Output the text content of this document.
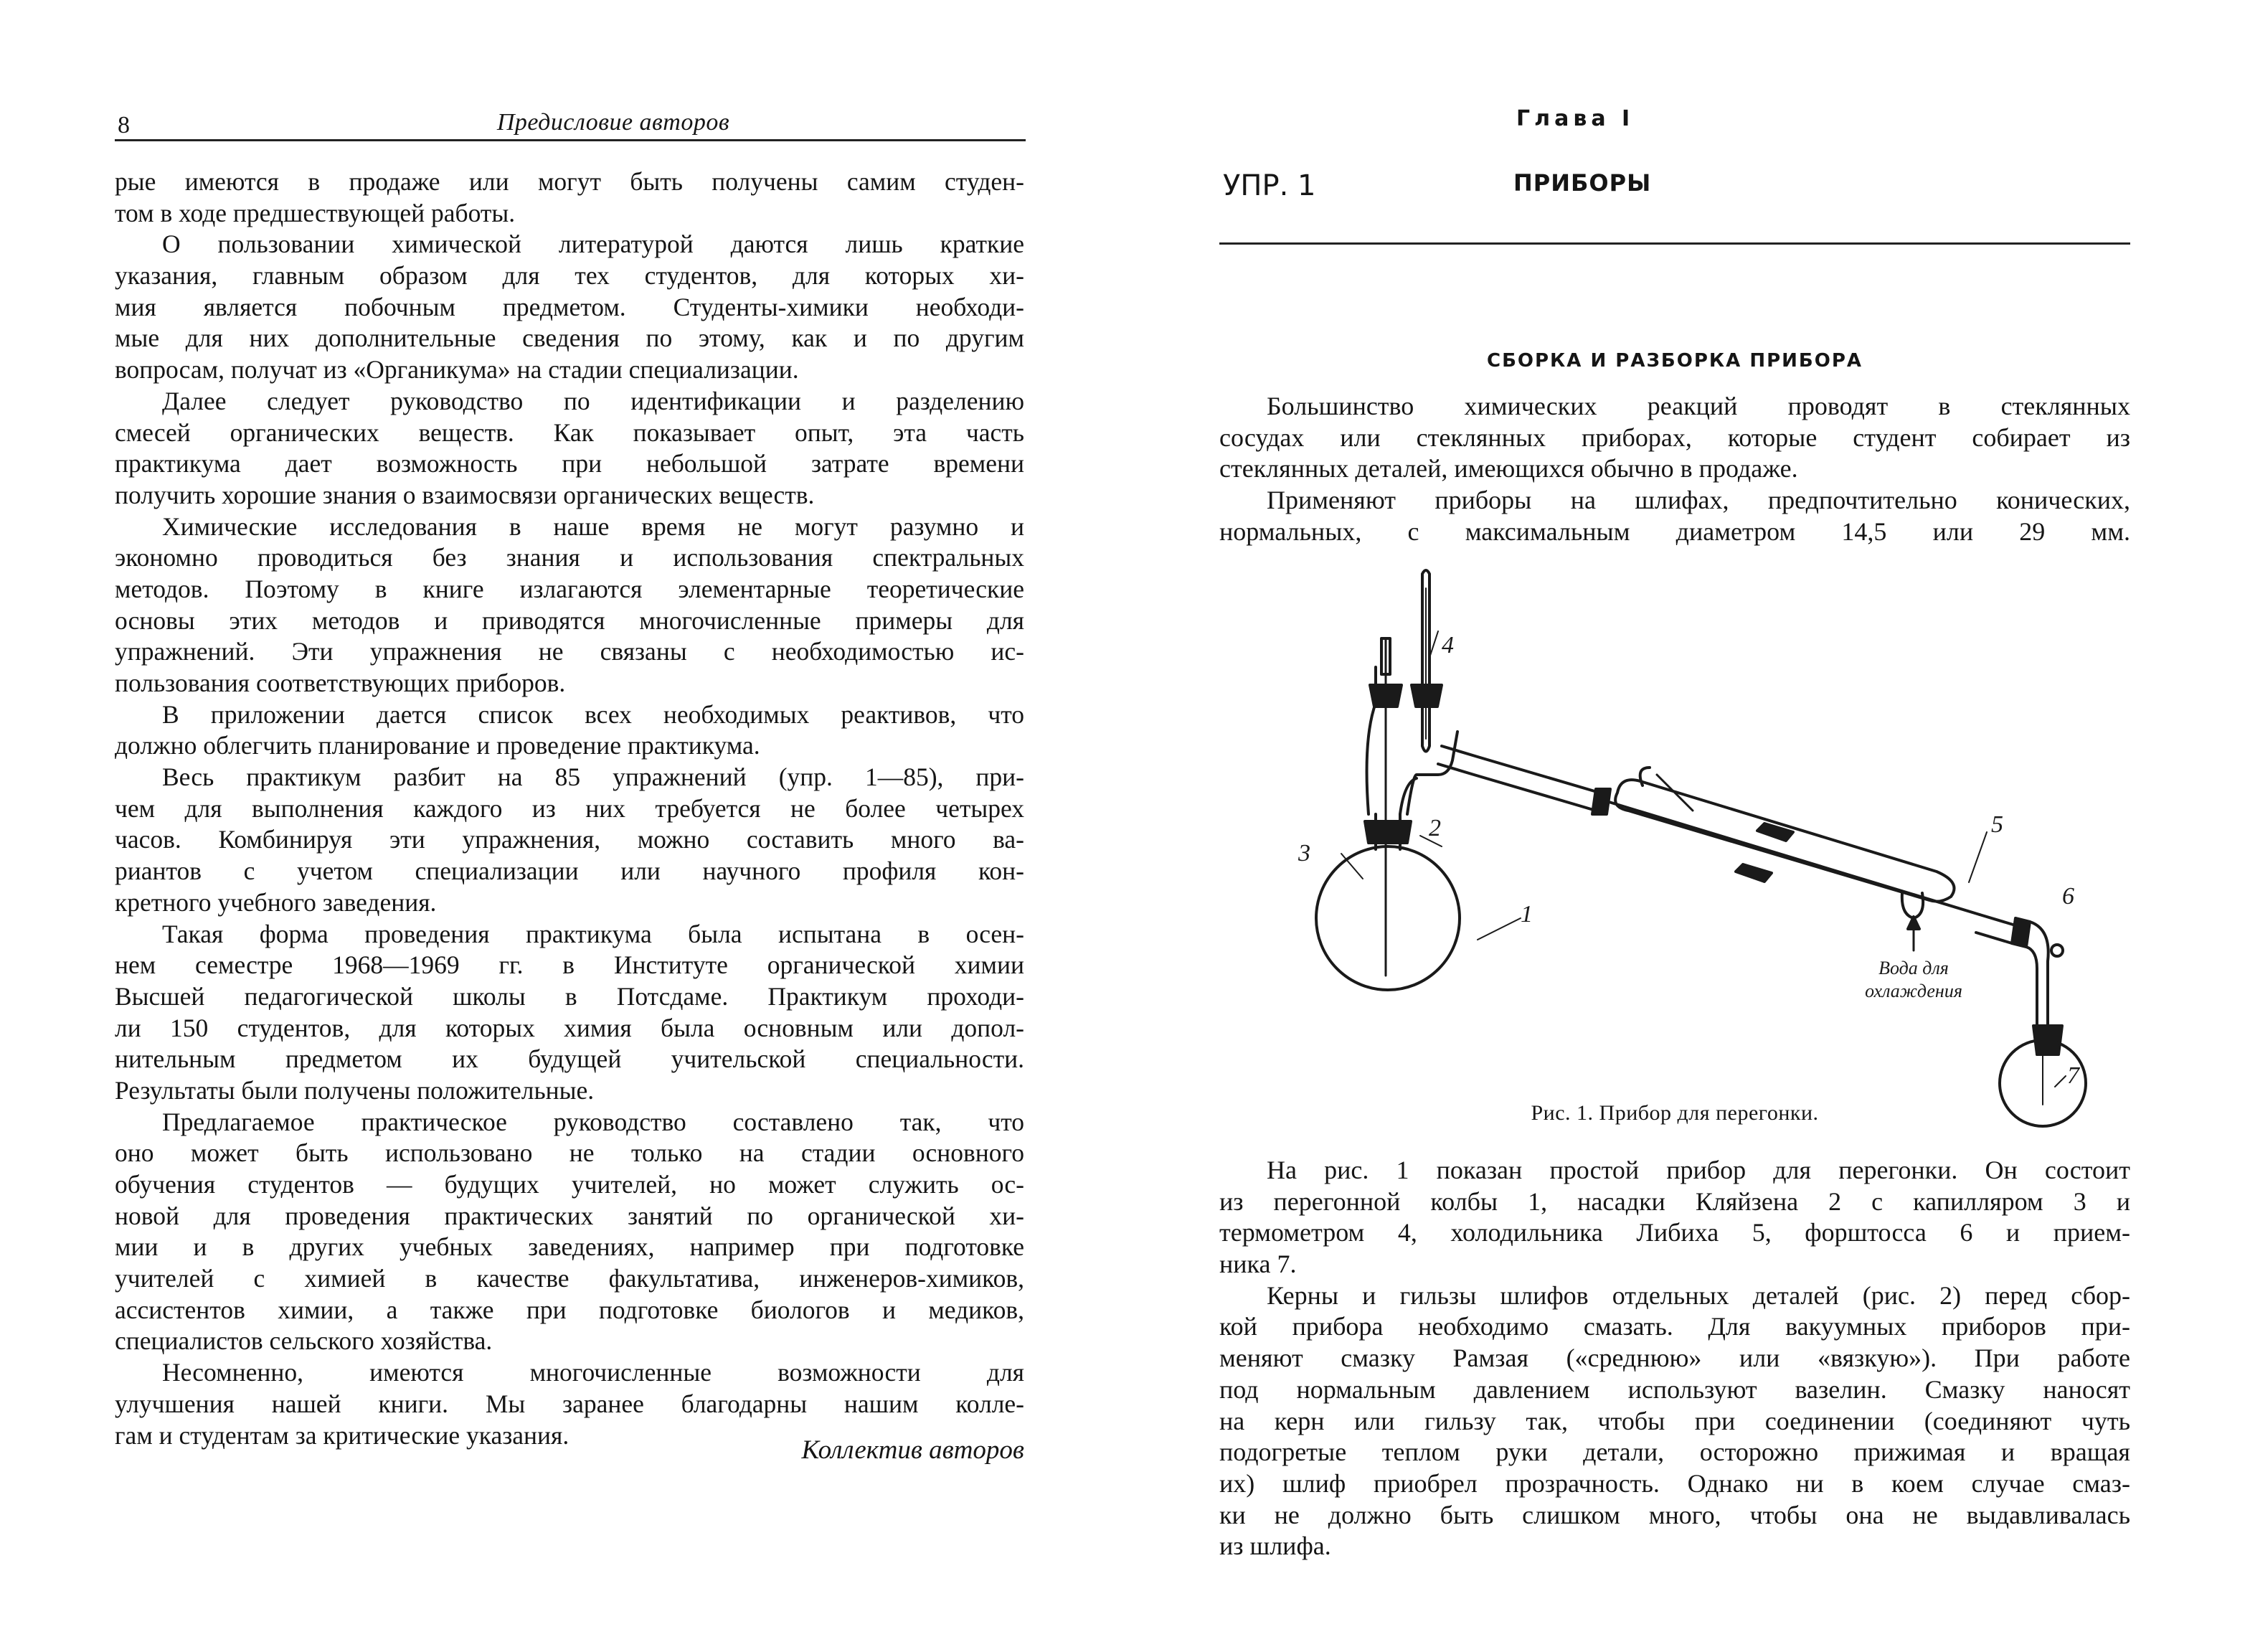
8	Предисловие авторов
рые имеются в продаже или могут быть получены самим студен-
том в ходе предшествующей работы.
О пользовании химической литературой даются лишь краткие
указания, главным образом для тех студентов, для которых хи-
мия является побочным предметом. Студенты-химики необходи-
мые для них дополнительные сведения по этому, как и по другим
вопросам, получат из «Органикума» на стадии специализации.
Далее следует руководство по идентификации и разделению
смесей органических веществ. Как показывает опыт, эта часть
практикума дает возможность при небольшой затрате времени
получить хорошие знания о взаимосвязи органических веществ.
Химические исследования в наше время не могут разумно и
экономно проводиться без знания и использования спектральных
методов. Поэтому в книге излагаются элементарные теоретические
основы этих методов и приводятся многочисленные примеры для
упражнений. Эти упражнения не связаны с необходимостью ис-
пользования соответствующих приборов.
В приложении дается список всех необходимых реактивов, что
должно облегчить планирование и проведение практикума.
Весь практикум разбит на 85 упражнений (упр. 1—85), при-
чем для выполнения каждого из них требуется не более четырех
часов. Комбинируя эти упражнения, можно составить много ва-
риантов с учетом специализации или научного профиля кон-
кретного учебного заведения.
Такая форма проведения практикума была испытана в осен-
нем семестре 1968—1969 гг. в Институте органической химии
Высшей педагогической школы в Потсдаме. Практикум проходи-
ли 150 студентов, для которых химия была основным или допол-
нительным предметом их будущей учительской специальности.
Результаты были получены положительные.
Предлагаемое практическое руководство составлено так, что
оно может быть использовано не только на стадии основного
обучения студентов — будущих учителей, но может служить ос-
новой для проведения практических занятий по органической хи-
мии и в других учебных заведениях, например при подготовке
учителей с химией в качестве факультатива, инженеров-химиков,
ассистентов химии, а также при подготовке биологов и медиков,
специалистов сельского хозяйства.
Несомненно, имеются многочисленные возможности для
улучшения нашей книги. Мы заранее благодарны нашим колле-
гам и студентам за критические указания.
Коллектив авторов
Глава I
УПР. 1	ПРИБОРЫ
СБОРКА И РАЗБОРКА ПРИБОРА
Большинство химических реакций проводят в стеклянных
сосудах или стеклянных приборах, которые студент собирает из
стеклянных деталей, имеющихся обычно в продаже.
Применяют приборы на шлифах, предпочтительно конических,
нормальных, с максимальным диаметром 14,5 или 29 мм.
1
2
3
4
5
6
7
Вода для
охлаждения
Рис. 1. Прибор для перегонки.
На рис. 1 показан простой прибор для перегонки. Он состоит
из перегонной колбы 1, насадки Кляйзена 2 с капилляром 3 и
термометром 4, холодильника Либиха 5, форштосса 6 и прием-
ника 7.
Керны и гильзы шлифов отдельных деталей (рис. 2) перед сбор-
кой прибора необходимо смазать. Для вакуумных приборов при-
меняют смазку Рамзая («среднюю» или «вязкую»). При работе
под нормальным давлением используют вазелин. Смазку наносят
на керн или гильзу так, чтобы при соединении (соединяют чуть
подогретые теплом руки детали, осторожно прижимая и вращая
их) шлиф приобрел прозрачность. Однако ни в коем случае смаз-
ки не должно быть слишком много, чтобы она не выдавливалась
из шлифа.
